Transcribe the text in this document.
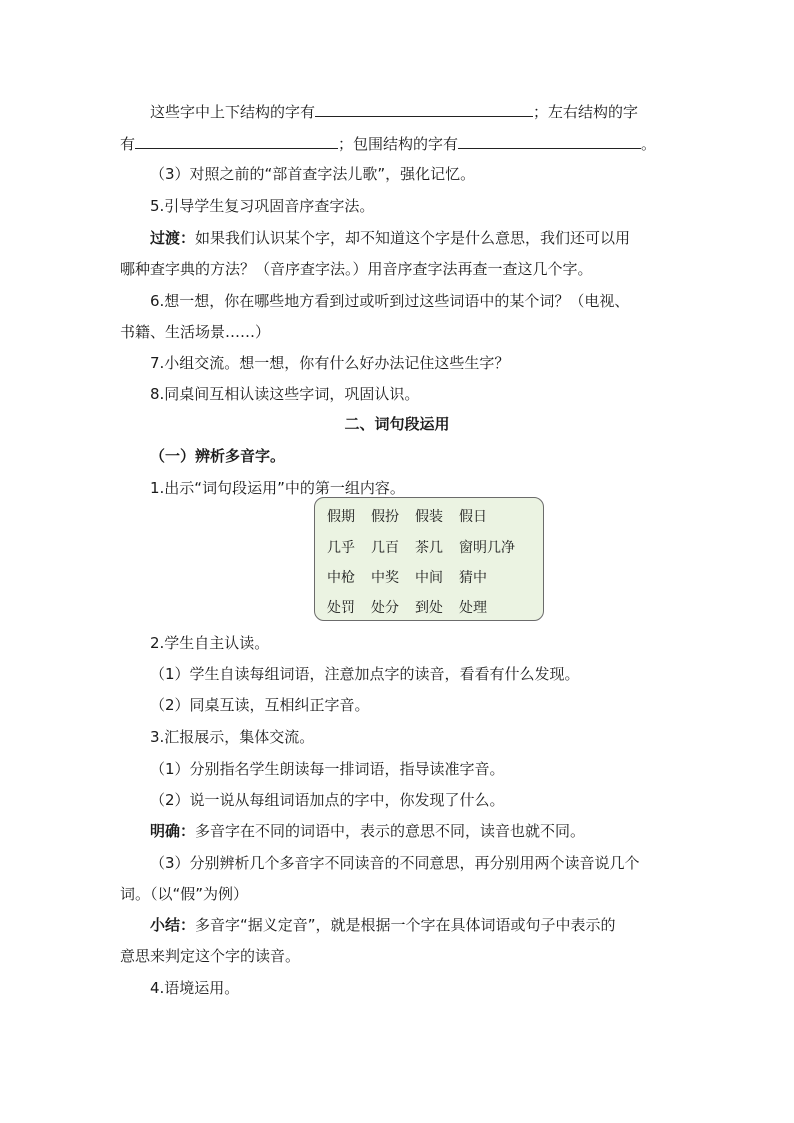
这些字中上下结构的字有	；左右结构的字
有	；包围结构的字有	。
（3）对照之前的“部首查字法儿歌”，强化记忆。
5.引导学生复习巩固音序查字法。
过渡：如果我们认识某个字，却不知道这个字是什么意思，我们还可以用
哪种查字典的方法？（音序查字法。）用音序查字法再查一查这几个字。
6.想一想，你在哪些地方看到过或听到过这些词语中的某个词？（电视、
书籍、生活场景……）
7.小组交流。想一想，你有什么好办法记住这些生字？
8.同桌间互相认读这些字词，巩固认识。
二、词句段运用
（一）辨析多音字。
1.出示“词句段运用”中的第一组内容。
假期 假扮 假装 假日
几乎 几百 茶几 窗明几净
中枪 中奖 中间 猜中
处罚 处分 到处 处理
2.学生自主认读。
（1）学生自读每组词语，注意加点字的读音，看看有什么发现。
（2）同桌互读，互相纠正字音。
3.汇报展示，集体交流。
（1）分别指名学生朗读每一排词语，指导读准字音。
（2）说一说从每组词语加点的字中，你发现了什么。
明确：多音字在不同的词语中，表示的意思不同，读音也就不同。
（3）分别辨析几个多音字不同读音的不同意思，再分别用两个读音说几个
词。（以“假”为例）
小结：多音字“据义定音”，就是根据一个字在具体词语或句子中表示的
意思来判定这个字的读音。
4.语境运用。
